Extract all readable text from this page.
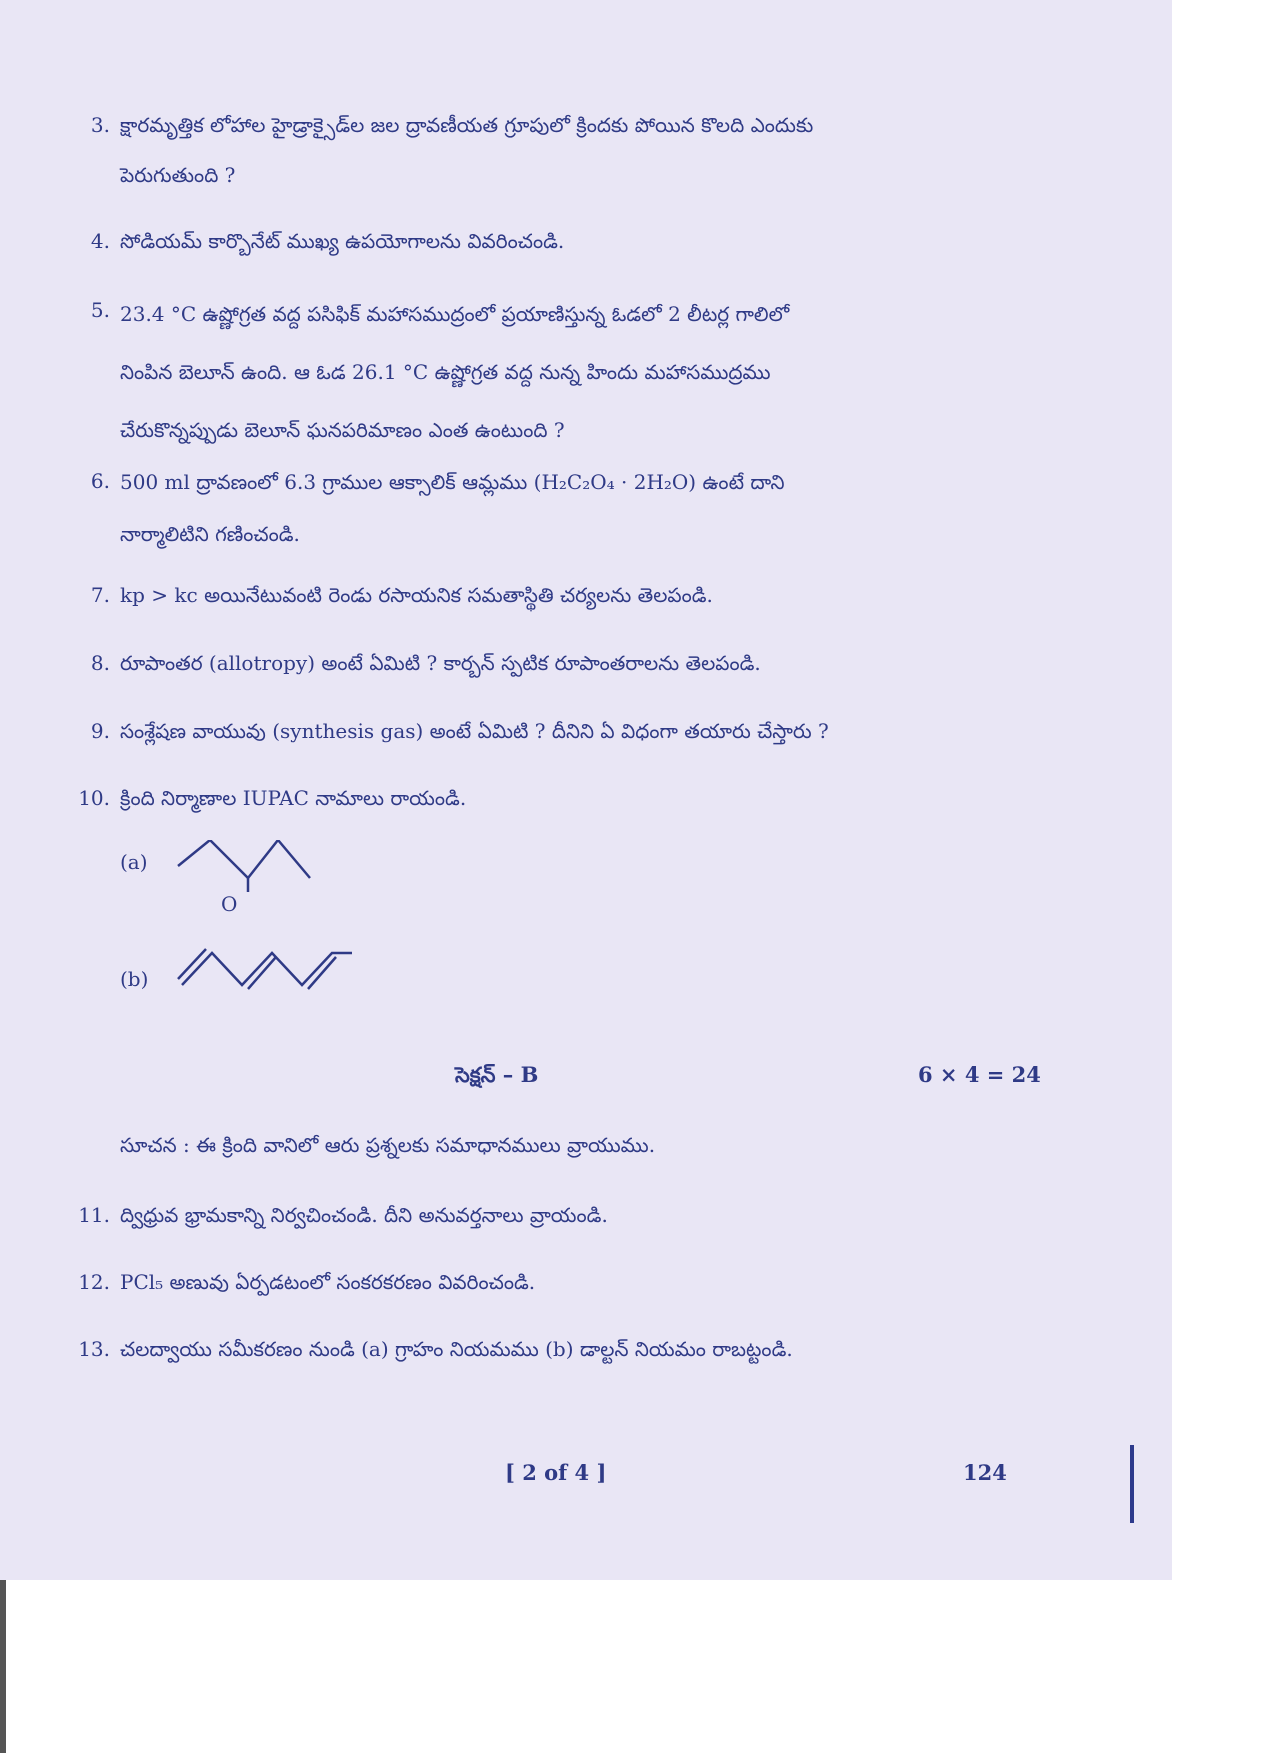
3. క్షారమృత్తిక లోహాల హైడ్రాక్సైడ్‌ల జల ద్రావణీయత గ్రూపులో క్రిందకు పోయిన కొలది ఎందుకు
పెరుగుతుంది ?
4. సోడియమ్ కార్బొనేట్ ముఖ్య ఉపయోగాలను వివరించండి.
5. 23.4 °C ఉష్ణోగ్రత వద్ద పసిఫిక్ మహాసముద్రంలో ప్రయాణిస్తున్న ఓడలో 2 లీటర్ల గాలిలో
నింపిన బెలూన్ ఉంది. ఆ ఓడ 26.1 °C ఉష్ణోగ్రత వద్ద నున్న హిందు మహాసముద్రము
చేరుకొన్నప్పుడు బెలూన్ ఘనపరిమాణం ఎంత ఉంటుంది ?
6. 500 ml ద్రావణంలో 6.3 గ్రాముల ఆక్సాలిక్ ఆమ్లము (H₂C₂O₄ · 2H₂O) ఉంటే దాని
నార్మాలిటిని గణించండి.
7. kp > kc అయినేటువంటి రెండు రసాయనిక సమతాస్థితి చర్యలను తెలపండి.
8. రూపాంతర (allotropy) అంటే ఏమిటి ? కార్బన్ స్పటిక రూపాంతరాలను తెలపండి.
9. సంశ్లేషణ వాయువు (synthesis gas) అంటే ఏమిటి ? దీనిని ఏ విధంగా తయారు చేస్తారు ?
10. క్రింది నిర్మాణాల IUPAC నామాలు రాయండి.
(a)
O
(b)
సెక్షన్ – B	6 × 4 = 24
సూచన : ఈ క్రింది వానిలో ఆరు ప్రశ్నలకు సమాధానములు వ్రాయుము.
11. ద్విధ్రువ భ్రామకాన్ని నిర్వచించండి. దీని అనువర్తనాలు వ్రాయండి.
12. PCl₅ అణువు ఏర్పడటంలో సంకరకరణం వివరించండి.
13. చలద్వాయు సమీకరణం నుండి (a) గ్రాహం నియమము (b) డాల్టన్ నియమం రాబట్టండి.
[ 2 of 4 ]	124
